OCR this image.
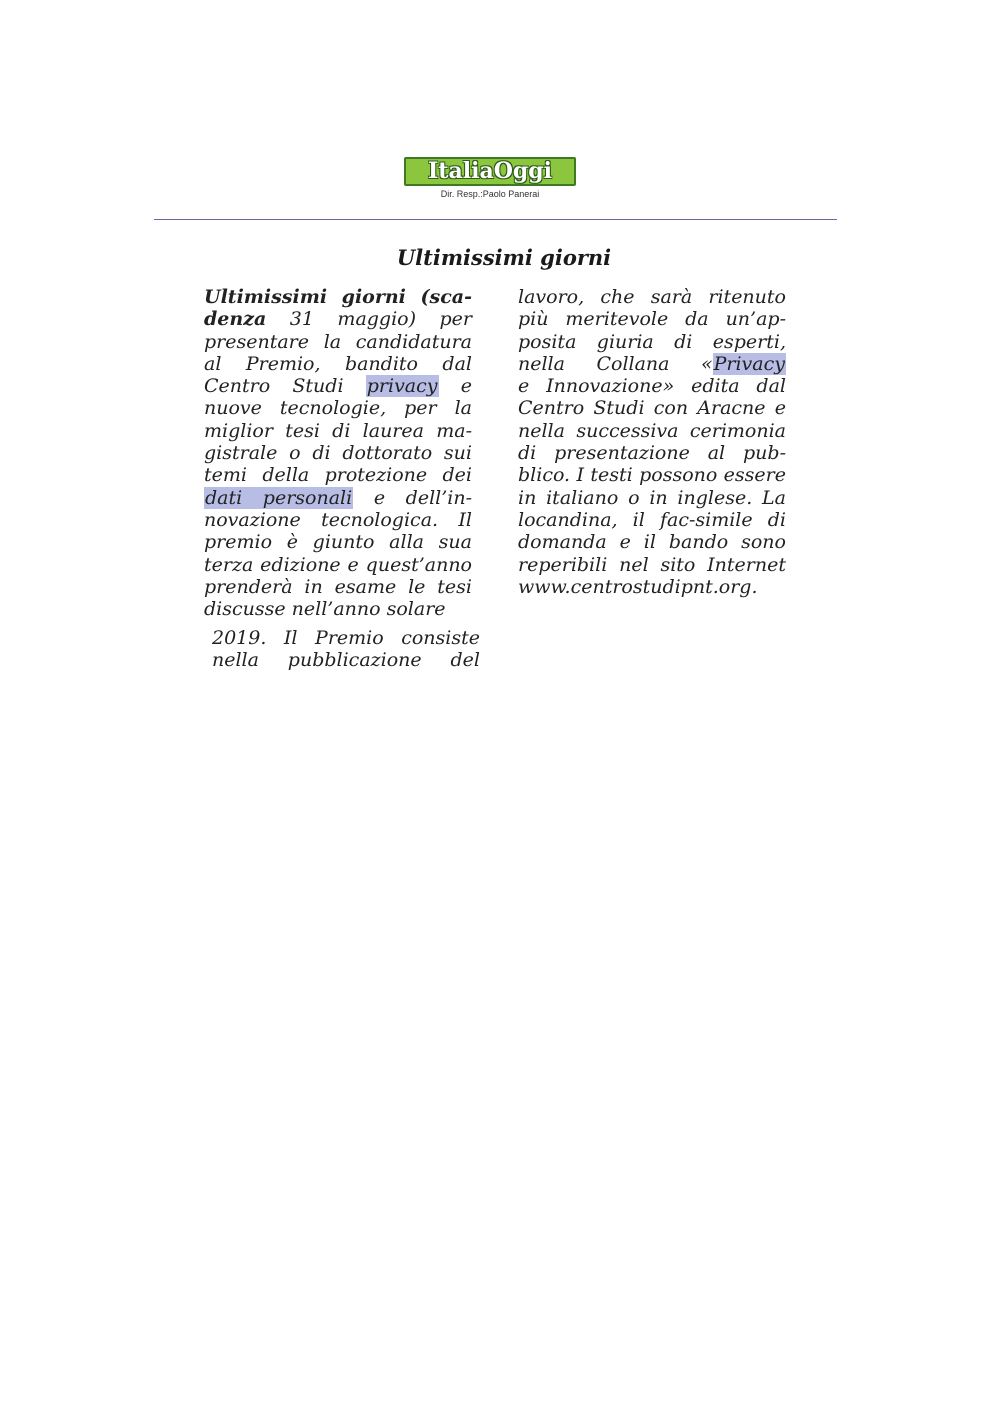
ItaliaOggi
Dir. Resp.:Paolo Panerai
Ultimissimi giorni
Ultimissimi giorni (sca-
denza 31 maggio) per
presentare la candidatura
al Premio, bandito dal
Centro Studi privacy e
nuove tecnologie, per la
miglior tesi di laurea ma-
gistrale o di dottorato sui
temi della protezione dei
dati personali e dell’in-
novazione tecnologica. Il
premio è giunto alla sua
terza edizione e quest’anno
prenderà in esame le tesi
discusse nell’anno solare
2019. Il Premio consiste
nella pubblicazione del
lavoro, che sarà ritenuto
più meritevole da un’ap-
posita giuria di esperti,
nella Collana «Privacy
e Innovazione» edita dal
Centro Studi con Aracne e
nella successiva cerimonia
di presentazione al pub-
blico. I testi possono essere
in italiano o in inglese. La
locandina, il fac-simile di
domanda e il bando sono
reperibili nel sito Internet
www.centrostudipnt.org.
